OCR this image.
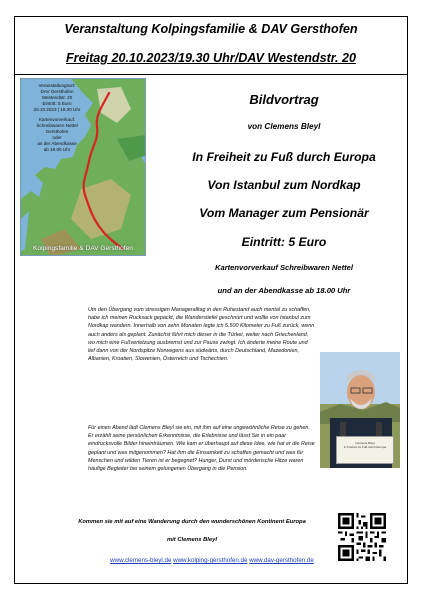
Veranstaltung Kolpingsfamilie & DAV Gersthofen
Freitag 20.10.2023/19.30 Uhr/DAV Westendstr. 20
Veranstaltungsort:
DAV Gersthofen
Westendstr. 20
Eintritt: 5 Euro
20.10.2023 | 19.30 Uhr
Kartenvorverkauf:
Schreibwaren Nettel
Gersthofen
oder
an der Abendkasse
ab 18.00 Uhr
Kolpingsfamilie & DAV Gersthofen
Bildvortrag
von Clemens Bleyl
In Freiheit zu Fuß durch Europa
Von Istanbul zum Nordkap
Vom Manager zum Pensionär
Eintritt: 5 Euro
Kartenvorverkauf Schreibwaren Nettel
und an der Abendkasse ab 18.00 Uhr
Um den Übergang vom stressigen Manageralltag in den Ruhestand auch mental zu schaffen, habe ich meinen Rucksack gepackt, die Wanderstiefel geschnürt und wollte von Istanbul zum Nordkap wandern. Innerhalb von zehn Monaten legte ich 5.500 Kilometer zu Fuß zurück, wenn auch anders als geplant. Zunächst führt mich dieser in die Türkei, weiter nach Griechenland, wo mich eine Fußverletzung ausbremst und zur Pause zwingt. Ich änderte meine Route und lief dann von der Nordspitze Norwegens aus südwärts, durch Deutschland, Mazedonien, Albanien, Kroatien, Slowenien, Österreich und Tschechien.
Für einen Abend lädt Clemens Bleyl sie ein, mit ihm auf eine ungewöhnliche Reise zu gehen. Er erzählt seine persönlichen Erkenntnisse, die Erlebnisse und lässt Sie in ein paar eindrucksvolle Bilder hineinträumen. Wie kam er überhaupt auf diese Idee, wie hat er die Reise geplant und was mitgenommen? Hat ihm die Einsamkeit zu schaffen gemacht und was für Menschen und wilden Tieren ist er begegnet? Hunger, Durst und mörderische Hitze waren häufige Begleiter bei seinem gelungenen Übergang in die Pension.
Clemens Bleyl
In Freiheit zu Fuß durch Europa
Kommen sie mit auf eine Wanderung durch den wunderschönen Kontinent Europa
mit Clemens Bleyl
www.clemens-bleyl.de www.kolping-gersthofen.de www.dav-gersthofen.de
